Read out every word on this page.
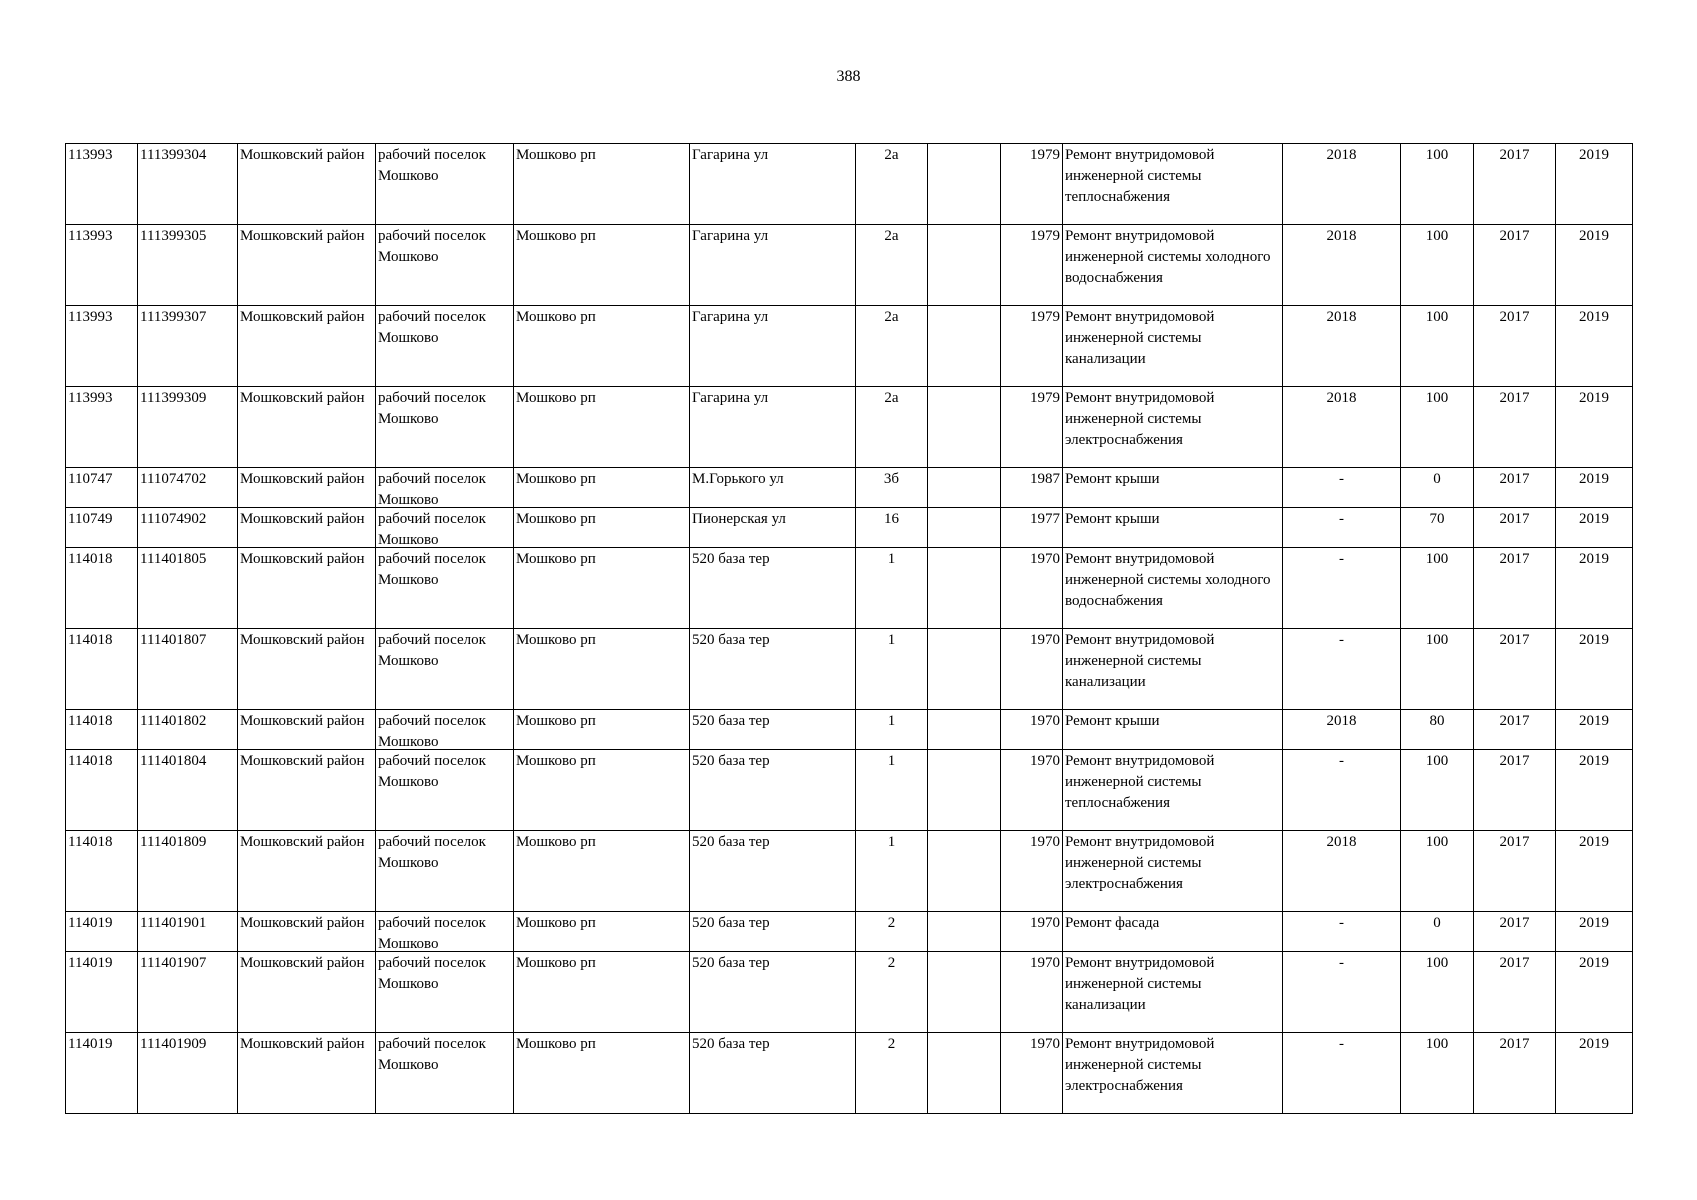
388
113993	111399304	Мошковский район	рабочий поселок Мошково	Мошково рп	Гагарина ул	2а		1979	Ремонт внутридомовой инженерной системы теплоснабжения	2018	100	2017	2019
113993	111399305	Мошковский район	рабочий поселок Мошково	Мошково рп	Гагарина ул	2а		1979	Ремонт внутридомовой инженерной системы холодного водоснабжения	2018	100	2017	2019
113993	111399307	Мошковский район	рабочий поселок Мошково	Мошково рп	Гагарина ул	2а		1979	Ремонт внутридомовой инженерной системы канализации	2018	100	2017	2019
113993	111399309	Мошковский район	рабочий поселок Мошково	Мошково рп	Гагарина ул	2а		1979	Ремонт внутридомовой инженерной системы электроснабжения	2018	100	2017	2019

110747	111074702	Мошковский район	рабочий поселок Мошково	Мошково рп	М.Горького ул	3б		1987	Ремонт крыши	-	0	2017	2019

110749	111074902	Мошковский район	рабочий поселок Мошково	Мошково рп	Пионерская ул	16		1977	Ремонт крыши	-	70	2017	2019

114018	111401805	Мошковский район	рабочий поселок Мошково	Мошково рп	520 база тер	1		1970	Ремонт внутридомовой инженерной системы холодного водоснабжения	-	100	2017	2019
114018	111401807	Мошковский район	рабочий поселок Мошково	Мошково рп	520 база тер	1		1970	Ремонт внутридомовой инженерной системы канализации	-	100	2017	2019

114018	111401802	Мошковский район	рабочий поселок Мошково	Мошково рп	520 база тер	1		1970	Ремонт крыши	2018	80	2017	2019

114018	111401804	Мошковский район	рабочий поселок Мошково	Мошково рп	520 база тер	1		1970	Ремонт внутридомовой инженерной системы теплоснабжения	-	100	2017	2019
114018	111401809	Мошковский район	рабочий поселок Мошково	Мошково рп	520 база тер	1		1970	Ремонт внутридомовой инженерной системы электроснабжения	2018	100	2017	2019

114019	111401901	Мошковский район	рабочий поселок Мошково	Мошково рп	520 база тер	2		1970	Ремонт фасада	-	0	2017	2019

114019	111401907	Мошковский район	рабочий поселок Мошково	Мошково рп	520 база тер	2		1970	Ремонт внутридомовой инженерной системы канализации	-	100	2017	2019
114019	111401909	Мошковский район	рабочий поселок Мошково	Мошково рп	520 база тер	2		1970	Ремонт внутридомовой инженерной системы электроснабжения	-	100	2017	2019
